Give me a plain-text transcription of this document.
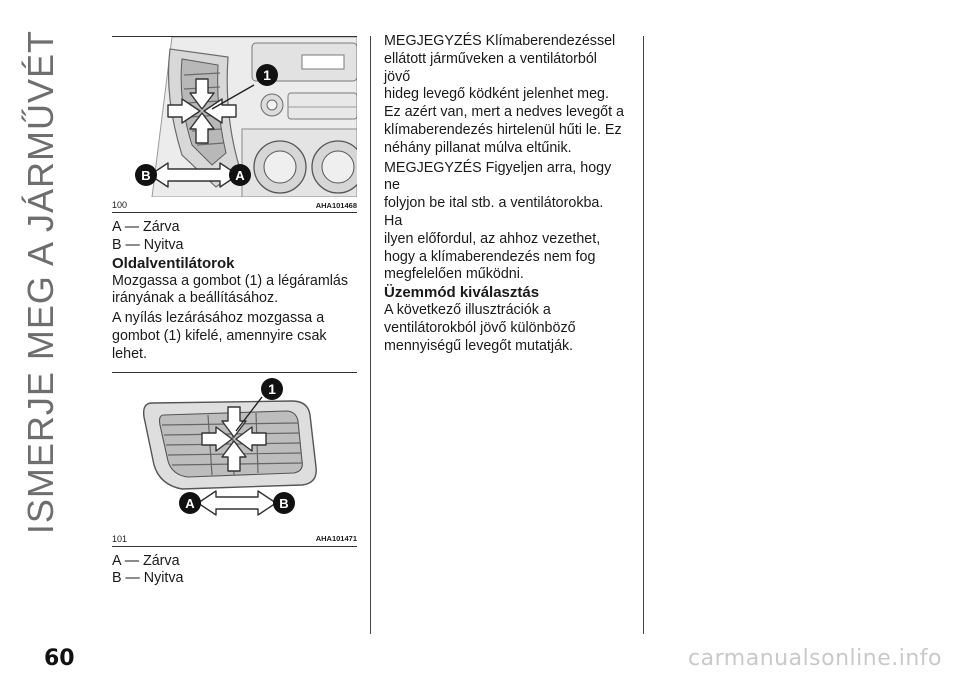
ISMERJE MEG A JÁRMŰVÉT	1
A
B
100	AHA101468

A — Zárva

B — Nyitva

Oldalventilátorok

Mozgassa a gombot (1) a légáramlás

irányának a beállításához.

A nyílás lezárásához mozgassa a

gombot (1) kifelé, amennyire csak lehet.

1
A	B
101	AHA101471

A — Zárva

B — Nyitva

MEGJEGYZÉS Klímaberendezéssel

ellátott járműveken a ventilátorból jövő

hideg levegő ködként jelenhet meg.

Ez azért van, mert a nedves levegőt a

klímaberendezés hirtelenül hűti le. Ez

néhány pillanat múlva eltűnik.

MEGJEGYZÉS Figyeljen arra, hogy ne

folyjon be ital stb. a ventilátorokba. Ha

ilyen előfordul, az ahhoz vezethet,

hogy a klímaberendezés nem fog

megfelelően működni.

Üzemmód kiválasztás

A következő illusztrációk a

ventilátorokból jövő különböző

mennyiségű levegőt mutatják.

60	carmanualsonline.info
